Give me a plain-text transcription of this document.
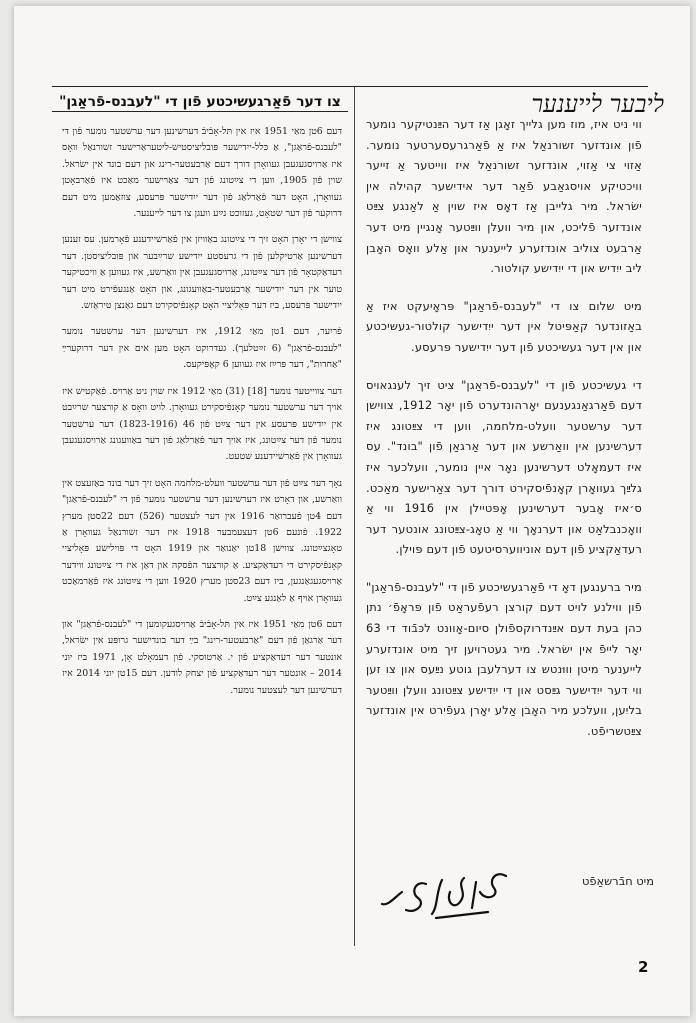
ליבער לייענער
צו דער פֿאַרגעשיכטע פֿון די "לעבנס-פֿראַגן"

ווי ניט איז, מוז מען גלייך זאָגן אַז דער הײַנטיקער נומער פֿון אונדזער זשורנאַל איז אַ פֿאַרגרעסערטער נומער. אַזוי צי אַזוי, אונדזער זשורנאַל איז ווייטער אַ זייער וויכטיקע אויסגאַבע פֿאַר דער אידישער קהילה אין ישׂראל. מיר גלייבן אַז דאָס איז שוין אַ לאַנגע צײַט אונדזער פֿליכט, און מיר וועלן ווײַטער אָנגיין מיט דער אַרבעט צוליב אונדזערע לייענער און אַלע וואָס האָבן ליב ייִדיש און די ייִדישע קולטור.

מיט שלום צו די "לעבנס-פֿראַגן" פּראָיעקט איז אַ באַזונדער קאַפּיטל אין דער ייִדישער קולטור-געשיכטע און אין דער געשיכטע פֿון דער ייִדישער פּרעסע.

די געשיכטע פֿון די "לעבנס-פֿראַגן" ציט זיך לענגאויס דעם פֿאַרגאַנגענעם יאָרהונדערט פֿון יאָר 1912, צווישן דער ערשטער וועלט-מלחמה, ווען די צײַטונג איז דערשינען אין וואַרשע און דער אַרגאַן פֿון "בונד". עס איז דעמאָלט דערשינען נאָר איין נומער, וועלכער איז גלײַך געוואָרן קאָנפֿיסקירט דורך דער צאַרישער מאַכט. ס׳איז אָבער דערשינען אָפּטיילן אין 1916 ווי אַ וואָכנבלאַט און דערנאָך ווי אַ טאָג-צײַטונג אונטער דער רעדאַקציע פֿון דעם אוניווערסיטעט פֿון דעם פּוילן.

מיר ברענגען דאָ די פֿאַרגעשיכטע פֿון די "לעבנס-פֿראַגן" פֿון ווילנע לויט דעם קורצן רעפֿעראַט פֿון פּראָפֿ׳ נתן כהן בעת דעם אײַנדרוקספֿולן סיום-אָוונט לכּבֿוד די 63 יאָר לייפֿ אין ישׂראל. מיר געטרויען זיך מיט אונדזערע לייענער מיטן וווּנטש צו דערלעבן גוטע נײַעס און צו זען ווי דער ייִדישער גײַסט און די ייִדישע צײַטונג וועלן ווײַטער בליִען, וועלכע מיר האָבן אַלע יאָרן געפֿירט אין אונדזער צײַטשריפֿט.

דעם 6טן מאַי 1951 איז אין תּל-אָבֿיבֿ דערשינען דער ערשטער נומער פֿון די "לעבנס-פֿראַגן", אַ כּלל-ייִדישער פּובליציסטיש-ליטעראַרישער זשורנאַל וואָס איז אַרויסגעגעבן געוואָרן דורך דעם אַרבעטער-רינג און דעם בונד אין ישׂראל. שוין פֿון 1905, ווען די צײַטונג פֿון דער צאַרישער מאַכט איז פֿאַרבאָטן געוואָרן, האָט דער פֿאַרלאַג פֿון דער ייִדישער פּרעסע, צוזאַמען מיט דעם דרוקער פֿון דער שטאָט, געזוכט נײַע וועגן צו דער לייענער.

צווישן די יאָרן האָט זיך די צײַטונג באַוויזן אין פֿאַרשיידענע פֿאָרמען. עס זענען דערשינען אַרטיקלען פֿון די גרעסטע ייִדישע שרײַבער און פּובליציסטן. דער רעדאַקטאָר פֿון דער צײַטונג, אַרויסגעגעבן אין וואַרשע, איז געווען אַ וויכטיקער טוער אין דער ייִדישער אַרבעטער-באַוועגונג, און האָט אַנגעפֿירט מיט דער ייִדישער פּרעסע, ביז דער פּאָליציי האָט קאָנפֿיסקירט דעם גאַנצן טיראַזש.

פֿריִער, דעם 1טן מאַי 1912, איז דערשינען דער ערשטער נומער "לעבנס-פֿראַגן" (6 זײַטלעך). געדרוקט האָט מען אים אין דער דרוקערײַ "אַחדות", דער פּרײַז איז געווען 6 קאָפּיקעס.

דער צווייטער נומער [18] (31) מאַי 1912 איז שוין ניט אַרויס. פֿאַקטיש איז אויך דער ערשטער נומער קאָנפֿיסקירט געוואָרן. לויט וואָס אַ קורצער שרײַבט אין ייִדישע פּרעסע אין דער צײַט פֿון 46 (1823-1916) דער ערשטער נומער פֿון דער צײַטונג, איז אויך דער פֿאַרלאַג פֿון דער באַוועגונג אַרויסגעגעבן געוואָרן אין פֿאַרשיידענע שטעט.

נאָך דער צײַט פֿון דער ערשטער וועלט-מלחמה האָט זיך דער בונד באַזעצט אין וואַרשע, און דאָרט איז דערשינען דער ערשטער נומער פֿון די "לעבנס-פֿראַגן" דעם 4טן פֿעברואַר 1916 אין דער לעצטער (526) דעם 22סטן מערץ 1922. פֿונעם 6טן דעצעמבער 1918 איז דער זשורנאַל געוואָרן אַ טאָגצײַטונג. צווישן 18טן יאַנואַר און 1919 האָט די פּוילישע פּאָליציי קאָנפֿיסקירט די רעדאַקציע. אַ קורצער הפֿסקה און דאַן איז די צײַטונג ווידער אַרויסגעגאַנגען, ביז דעם 23סטן מערץ 1920 ווען די צײַטונג איז פֿאַרמאַכט געוואָרן אויף אַ לאַנגע צײַט.

דעם 6טן מאַי 1951 איז אין תּל-אָבֿיבֿ אַרויסגעקומען די "לעבנס-פֿראַגן" און דער אַרגאַן פֿון דעם "אַרבעטער-רינג" בײַ דער בונדישער גרופּע אין ישׂראל, אונטער דער רעדאַקציע פֿון י. אַרטוסקי. פֿון דעמאָלט אָן, 1971 ביז יוני 2014 – אונטער דער רעדאַקציע פֿון יצחק לודען. דעם 15טן יוני 2014 איז דערשינען דער לעצטער נומער.

מיט חבֿרשאַפֿט
2
